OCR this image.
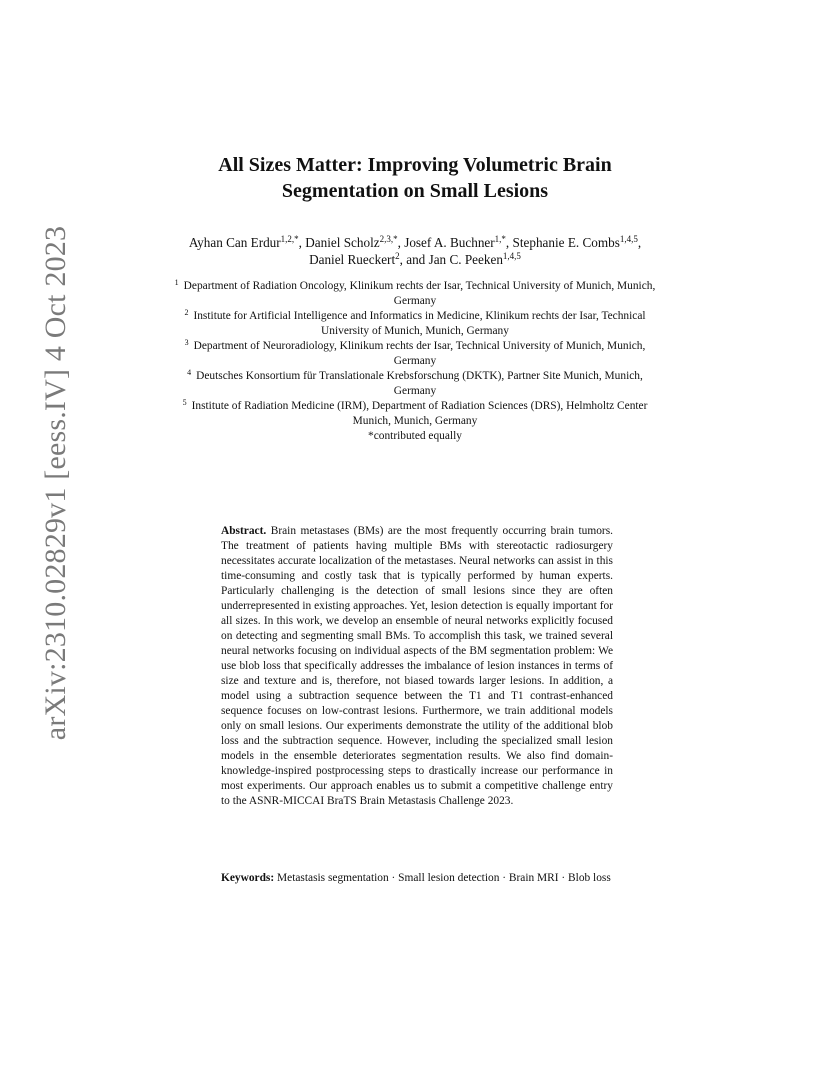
arXiv:2310.02829v1 [eess.IV] 4 Oct 2023
All Sizes Matter: Improving Volumetric Brain Segmentation on Small Lesions
Ayhan Can Erdur$^{1,2,*}$, Daniel Scholz$^{2,3,*}$, Josef A. Buchner$^{1,*}$, Stephanie E. Combs$^{1,4,5}$, Daniel Rueckert$^2$, and Jan C. Peeken$^{1,4,5}$

$^1$ Department of Radiation Oncology, Klinikum rechts der Isar, Technical University of Munich, Munich, Germany

$^2$ Institute for Artificial Intelligence and Informatics in Medicine, Klinikum rechts der Isar, Technical University of Munich, Munich, Germany

$^3$ Department of Neuroradiology, Klinikum rechts der Isar, Technical University of Munich, Munich, Germany

$^4$ Deutsches Konsortium für Translationale Krebsforschung (DKTK), Partner Site Munich, Munich, Germany

$^5$ Institute of Radiation Medicine (IRM), Department of Radiation Sciences (DRS), Helmholtz Center Munich, Munich, Germany

*contributed equally

Abstract. Brain metastases (BMs) are the most frequently occurring brain tumors. The treatment of patients having multiple BMs with stereotactic radiosurgery necessitates accurate localization of the metastases. Neural networks can assist in this time-consuming and costly task that is typically performed by human experts. Particularly challenging is the detection of small lesions since they are often underrepresented in existing approaches. Yet, lesion detection is equally important for all sizes. In this work, we develop an ensemble of neural networks explicitly focused on detecting and segmenting small BMs. To accomplish this task, we trained several neural networks focusing on individual aspects of the BM segmentation problem: We use blob loss that specifically addresses the imbalance of lesion instances in terms of size and texture and is, therefore, not biased towards larger lesions. In addition, a model using a subtraction sequence between the T1 and T1 contrast-enhanced sequence focuses on low-contrast lesions. Furthermore, we train additional models only on small lesions. Our experiments demonstrate the utility of the additional blob loss and the subtraction sequence. However, including the specialized small lesion models in the ensemble deteriorates segmentation results. We also find domain-knowledge-inspired postprocessing steps to drastically increase our performance in most experiments. Our approach enables us to submit a competitive challenge entry to the ASNR-MICCAI BraTS Brain Metastasis Challenge 2023.

Keywords: Metastasis segmentation · Small lesion detection · Brain MRI · Blob loss
